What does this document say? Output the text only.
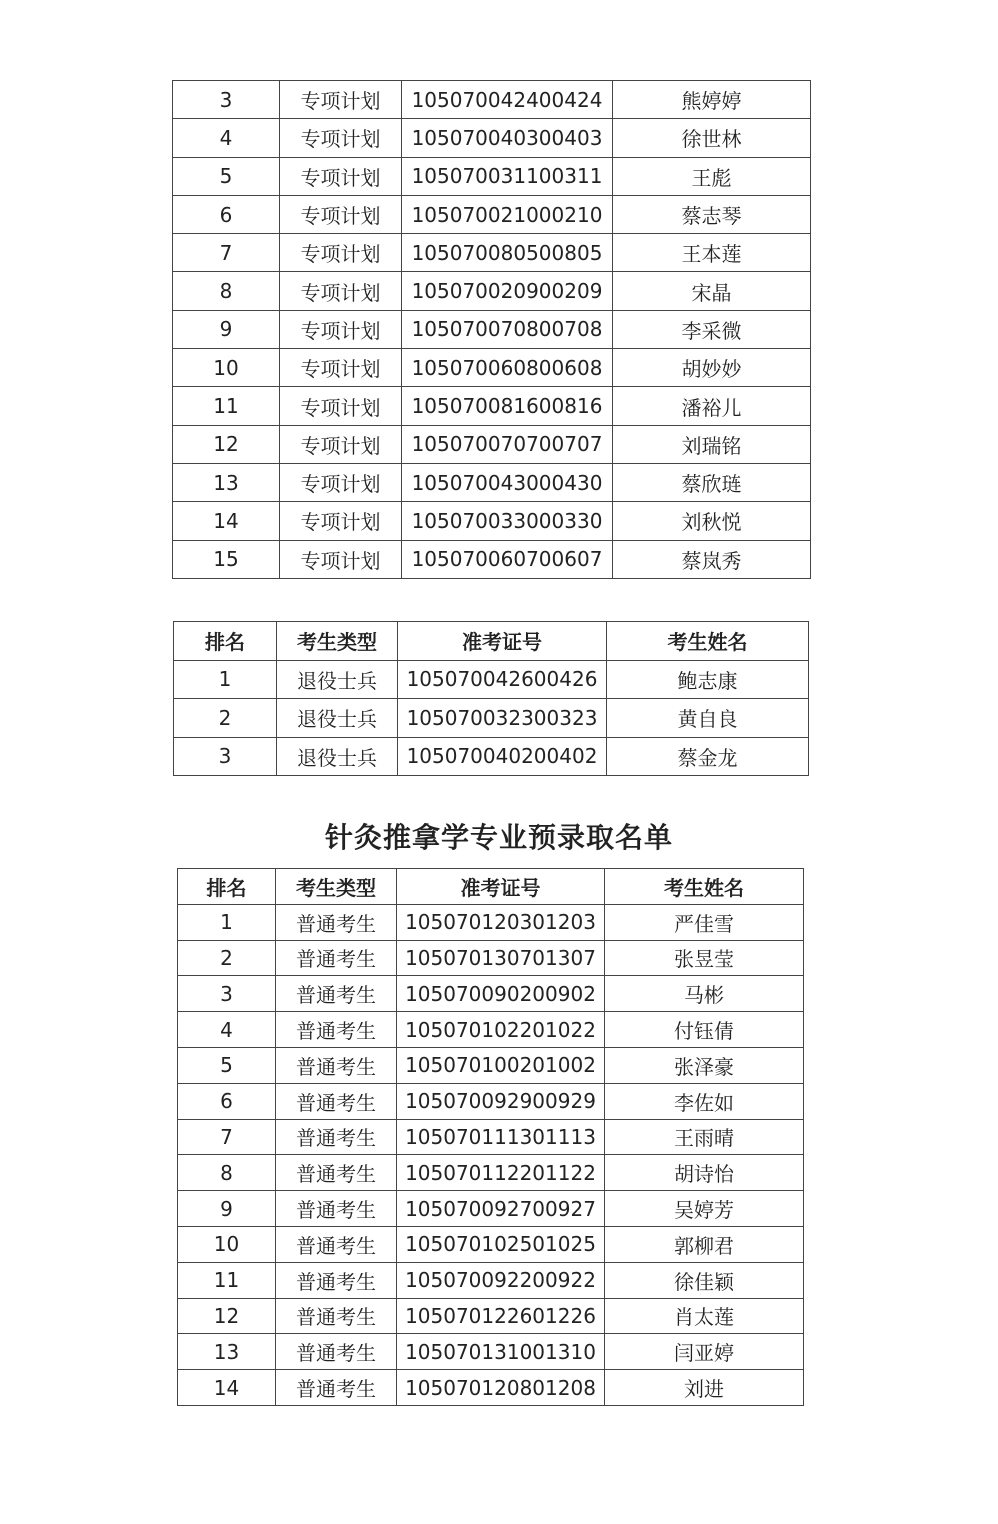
3	专项计划	105070042400424	熊婷婷
4	专项计划	105070040300403	徐世林
5	专项计划	105070031100311	王彪
6	专项计划	105070021000210	蔡志琴
7	专项计划	105070080500805	王本莲
8	专项计划	105070020900209	宋晶
9	专项计划	105070070800708	李采微
10	专项计划	105070060800608	胡妙妙
11	专项计划	105070081600816	潘裕儿
12	专项计划	105070070700707	刘瑞铭
13	专项计划	105070043000430	蔡欣琏
14	专项计划	105070033000330	刘秋悦
15	专项计划	105070060700607	蔡岚秀
排名	考生类型	准考证号	考生姓名
1	退役士兵	105070042600426	鲍志康
2	退役士兵	105070032300323	黄自良
3	退役士兵	105070040200402	蔡金龙
针灸推拿学专业预录取名单
排名	考生类型	准考证号	考生姓名
1	普通考生	105070120301203	严佳雪
2	普通考生	105070130701307	张昱莹
3	普通考生	105070090200902	马彬
4	普通考生	105070102201022	付钰倩
5	普通考生	105070100201002	张泽豪
6	普通考生	105070092900929	李佐如
7	普通考生	105070111301113	王雨晴
8	普通考生	105070112201122	胡诗怡
9	普通考生	105070092700927	吴婷芳
10	普通考生	105070102501025	郭柳君
11	普通考生	105070092200922	徐佳颖
12	普通考生	105070122601226	肖太莲
13	普通考生	105070131001310	闫亚婷
14	普通考生	105070120801208	刘进
